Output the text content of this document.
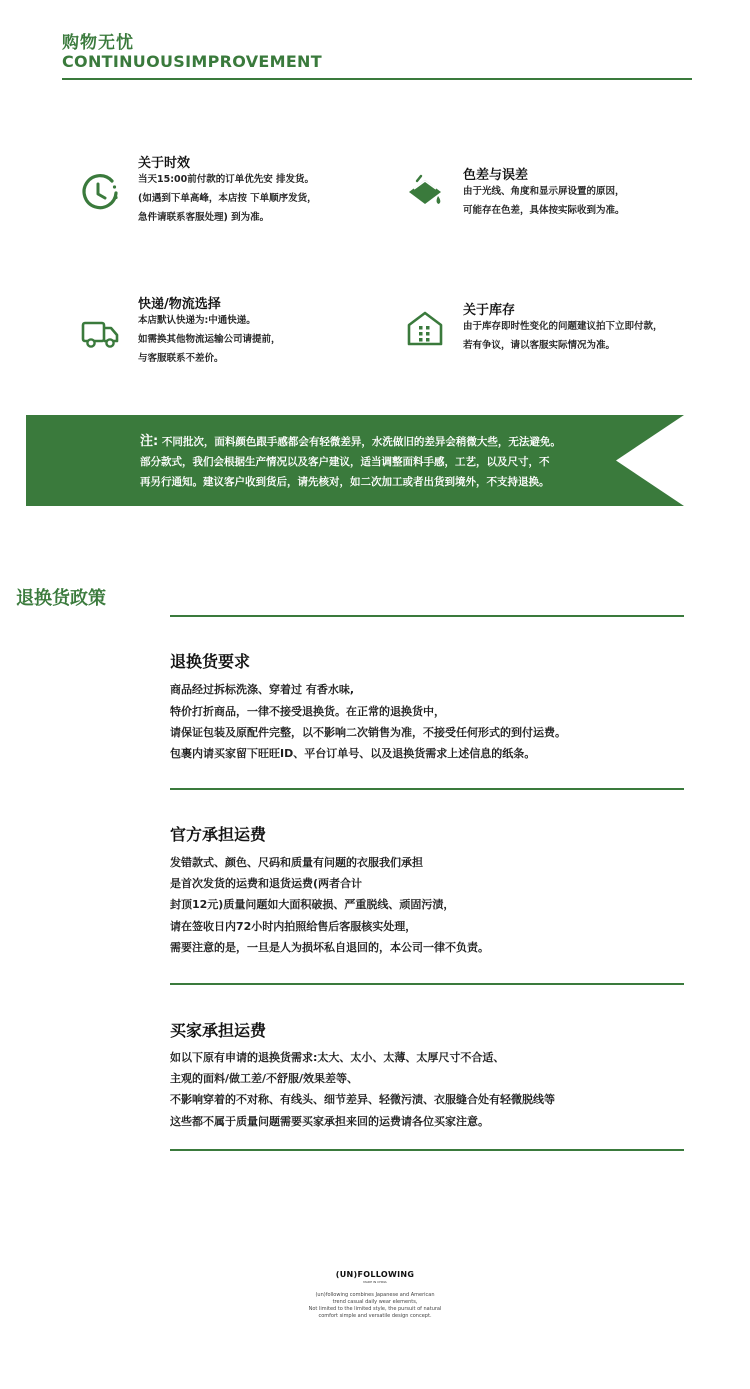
购物无忧
CONTINUOUSIMPROVEMENT
关于时效
当天15:00前付款的订单优先安 排发货。
(如遇到下单高峰，本店按 下单顺序发货，
急件请联系客服处理) 到为准。
色差与误差
由于光线、角度和显示屏设置的原因，
可能存在色差，具体按实际收到为准。
快递/物流选择
本店默认快递为:中通快递。
如需换其他物流运输公司请提前，
与客服联系不差价。
关于库存
由于库存即时性变化的问题建议拍下立即付款，
若有争议，请以客服实际情况为准。
注: 不同批次，面料颜色跟手感都会有轻微差异，水洗做旧的差异会稍微大些，无法避免。
部分款式，我们会根据生产情况以及客户建议，适当调整面料手感，工艺，以及尺寸，不
再另行通知。建议客户收到货后，请先核对，如二次加工或者出货到境外，不支持退换。
退换货政策
退换货要求
商品经过拆标洗涤、穿着过 有香水味,
特价打折商品，一律不接受退换货。在正常的退换货中，
请保证包装及原配件完整，以不影响二次销售为准，不接受任何形式的到付运费。
包裹内请买家留下旺旺ID、平台订单号、以及退换货需求上述信息的纸条。
官方承担运费
发错款式、颜色、尺码和质量有问题的衣服我们承担
是首次发货的运费和退货运费(两者合计
封顶12元)质量问题如大面积破损、严重脱线、顽固污渍，
请在签收日内72小时内拍照给售后客服核实处理，
需要注意的是，一旦是人为损坏私自退回的，本公司一律不负责。
买家承担运费
如以下原有申请的退换货需求:太大、太小、太薄、太厚尺寸不合适、
主观的面料/做工差/不舒服/效果差等、
不影响穿着的不对称、有线头、细节差异、轻微污渍、衣服缝合处有轻微脱线等
这些都不属于质量问题需要买家承担来回的运费请各位买家注意。
(UN)FOLLOWING
MADE IN CHINA
(un)following combines Japanese and American
trend casual daily wear elements,
Not limited to the limited style, the pursuit of natural
comfort simple and versatile design concept.
